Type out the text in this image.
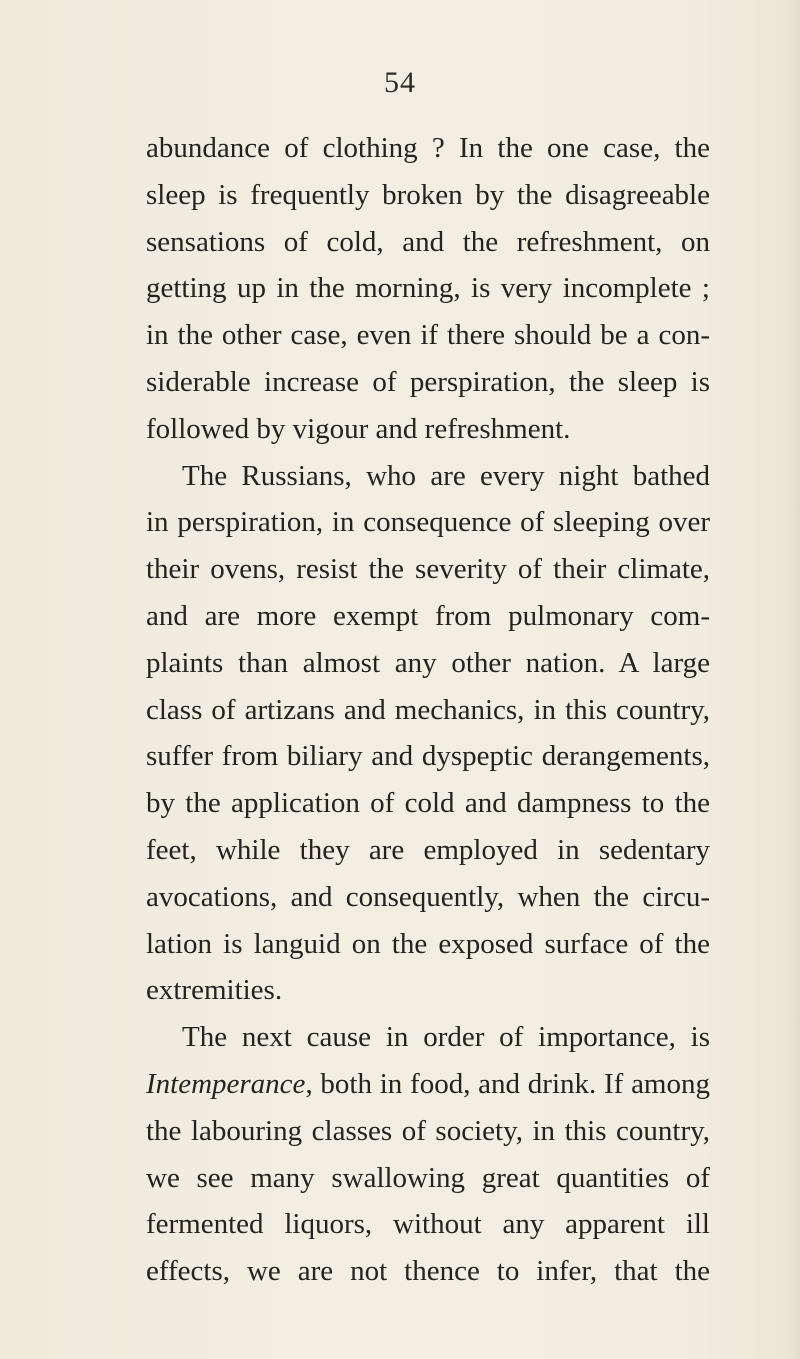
54
abundance of clothing ? In the one case, the
sleep is frequently broken by the disagreeable
sensations of cold, and the refreshment, on
getting up in the morning, is very incomplete ;
in the other case, even if there should be a con-
siderable increase of perspiration, the sleep is
followed by vigour and refreshment.
The Russians, who are every night bathed
in perspiration, in consequence of sleeping over
their ovens, resist the severity of their climate,
and are more exempt from pulmonary com-
plaints than almost any other nation. A large
class of artizans and mechanics, in this country,
suffer from biliary and dyspeptic derangements,
by the application of cold and dampness to the
feet, while they are employed in sedentary
avocations, and consequently, when the circu-
lation is languid on the exposed surface of the
extremities.
The next cause in order of importance, is
Intemperance, both in food, and drink. If among
the labouring classes of society, in this country,
we see many swallowing great quantities of
fermented liquors, without any apparent ill
effects, we are not thence to infer, that the
